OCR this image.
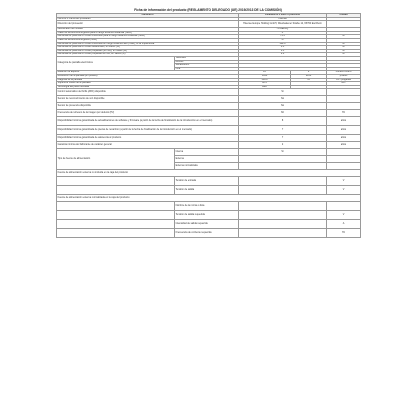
Ficha de información del producto (REGLAMENTO DELEGADO (UE) 2019/2013 DE LA COMISIÓN)
Parámetro		Parámetros o valor o precisión		Unidad
Nombre o marca del proveedor		Hisense		
Dirección del proveedor		Hisense Europe Holding GmbH, Wiesbadener Straße 12, 65760 Eschborn		
Identificador del modelo		H-55E8KQ		
Clase de eficiencia energética para el rango dinámico estándar (SDR)		F		
Demanda de potencia en modo encendido para el rango dinámico estándar (SDR)		74.5		W
Clase de eficiencia energética (HDR)		G		
Demanda de potencia en modo encendido en rango dinámico alto (HDR), si se implementa		142.0		W
Demanda de potencia en modo desactivado, en vatios (W)		0.3		W
Demanda de potencia en modo preparado (en red), en vatios (W)		0.5		W
Demanda de potencia en modo preparado en red, en vatios (W)		2.0		W
Categoría de pantalla electrónica	Televisión			
	Monitor			
	Señalización			
	Otra			
Relación de aspecto		16	9	número entero
Resolución de la pantalla (en píxeles)		3840	2160	píxeles
Diagonal de la pantalla		138.8	55	cm / pulgadas
Superficie visible de la pantalla		82.3		dm²
Tecnología del panel utilizada		LED		
Control automático del brillo (ABC) disponible		Sí		
Sensor de reconocimiento de voz disponible		No		
Sensor de presencia disponible		No		
Frecuencia de refresco de la imagen por defecto (Hz)		60		Hz
Disponibilidad mínima garantizada de actualizaciones de software y firmware (a partir de la fecha de finalización de la introducción en el mercado)		8		años
Disponibilidad mínima garantizada de piezas de recambio (a partir de la fecha de finalización de la introducción en el mercado)		7		años
Disponibilidad mínima garantizada de asistencia al producto		7		años
Garantía mínima del fabricante de carácter general		2		años
Tipo de fuente de alimentación	Interna	Sí		
	Externa			
	Externa normalizada			
Fuente de alimentación externa no incluida en la caja del producto				
	Tensión de entrada			V
	Tensión de salida			V
Fuente de alimentación externa normalizada en la caja del producto				
	Nombre de la norma o lista			
	Tensión de salida requerida			V
	Intensidad de salida requerida			A
	Frecuencia de corriente requerida			Hz
